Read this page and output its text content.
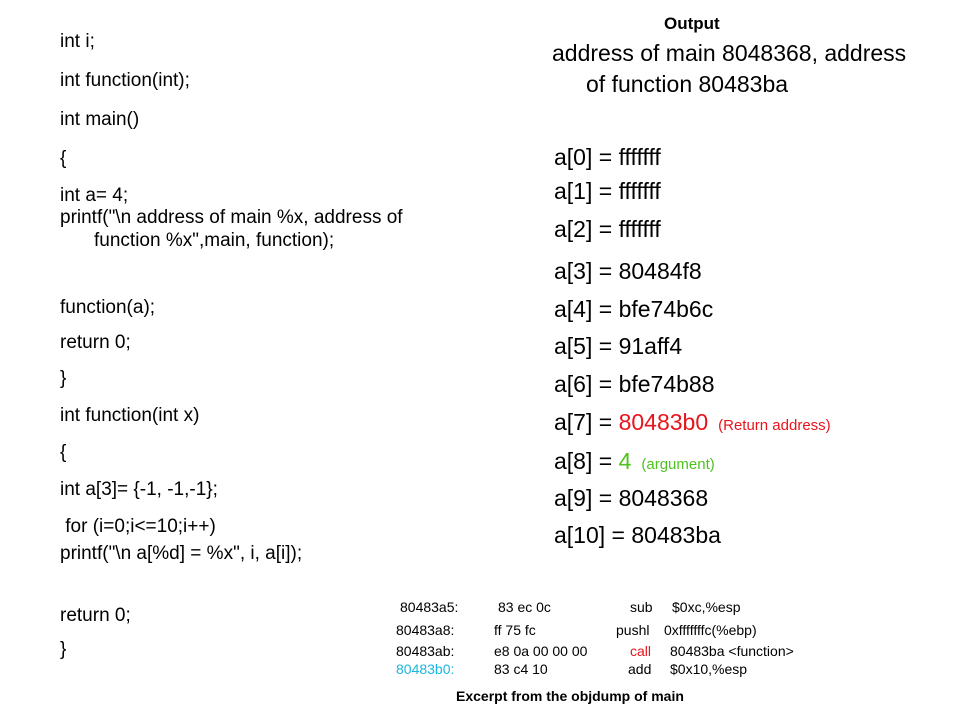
int i;
int function(int);
int main()
{
int a= 4;
printf("\n address of main %x, address of function %x",main, function);
function(a);
return 0;
}
int function(int x)
{
int a[3]= {-1, -1,-1};
for (i=0;i<=10;i++)
printf("\n a[%d] = %x", i, a[i]);
return 0;
}
Output
address of main 8048368, address of function 80483ba
a[0] = fffffff
a[1] = fffffff
a[2] = fffffff
a[3] = 80484f8
a[4] = bfe74b6c
a[5] = 91aff4
a[6] = bfe74b88
a[7] = 80483b0 (Return address)
a[8] = 4 (argument)
a[9] = 8048368
a[10] = 80483ba
80483a5:	83 ec 0c	sub $0xc,%esp
80483a8:	ff 75 fc	pushl 0xfffffffc(%ebp)
80483ab:	e8 0a 00 00 00	call 80483ba <function>
80483b0:	83 c4 10	add $0x10,%esp
Excerpt from the objdump of main
